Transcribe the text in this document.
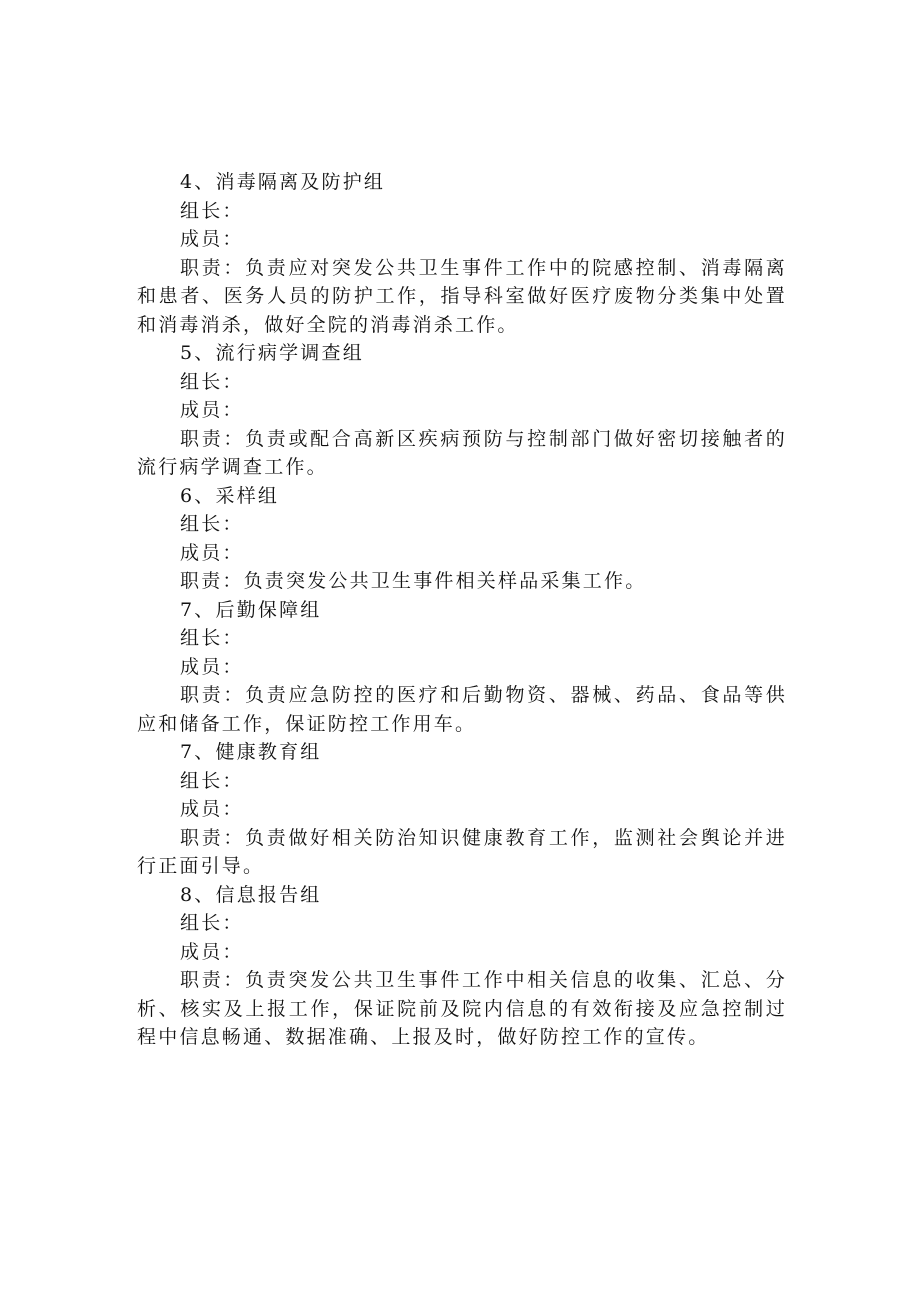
4、消毒隔离及防护组

组长：

成员：

职责：负责应对突发公共卫生事件工作中的院感控制、消毒隔离和患者、医务人员的防护工作，指导科室做好医疗废物分类集中处置和消毒消杀，做好全院的消毒消杀工作。

5、流行病学调查组

组长：

成员：

职责：负责或配合高新区疾病预防与控制部门做好密切接触者的流行病学调查工作。

6、采样组

组长：

成员：

职责：负责突发公共卫生事件相关样品采集工作。

7、后勤保障组

组长：

成员：

职责：负责应急防控的医疗和后勤物资、器械、药品、食品等供应和储备工作，保证防控工作用车。

7、健康教育组

组长：

成员：

职责：负责做好相关防治知识健康教育工作，监测社会舆论并进行正面引导。

8、信息报告组

组长：

成员：

职责：负责突发公共卫生事件工作中相关信息的收集、汇总、分析、核实及上报工作，保证院前及院内信息的有效衔接及应急控制过程中信息畅通、数据准确、上报及时，做好防控工作的宣传。
